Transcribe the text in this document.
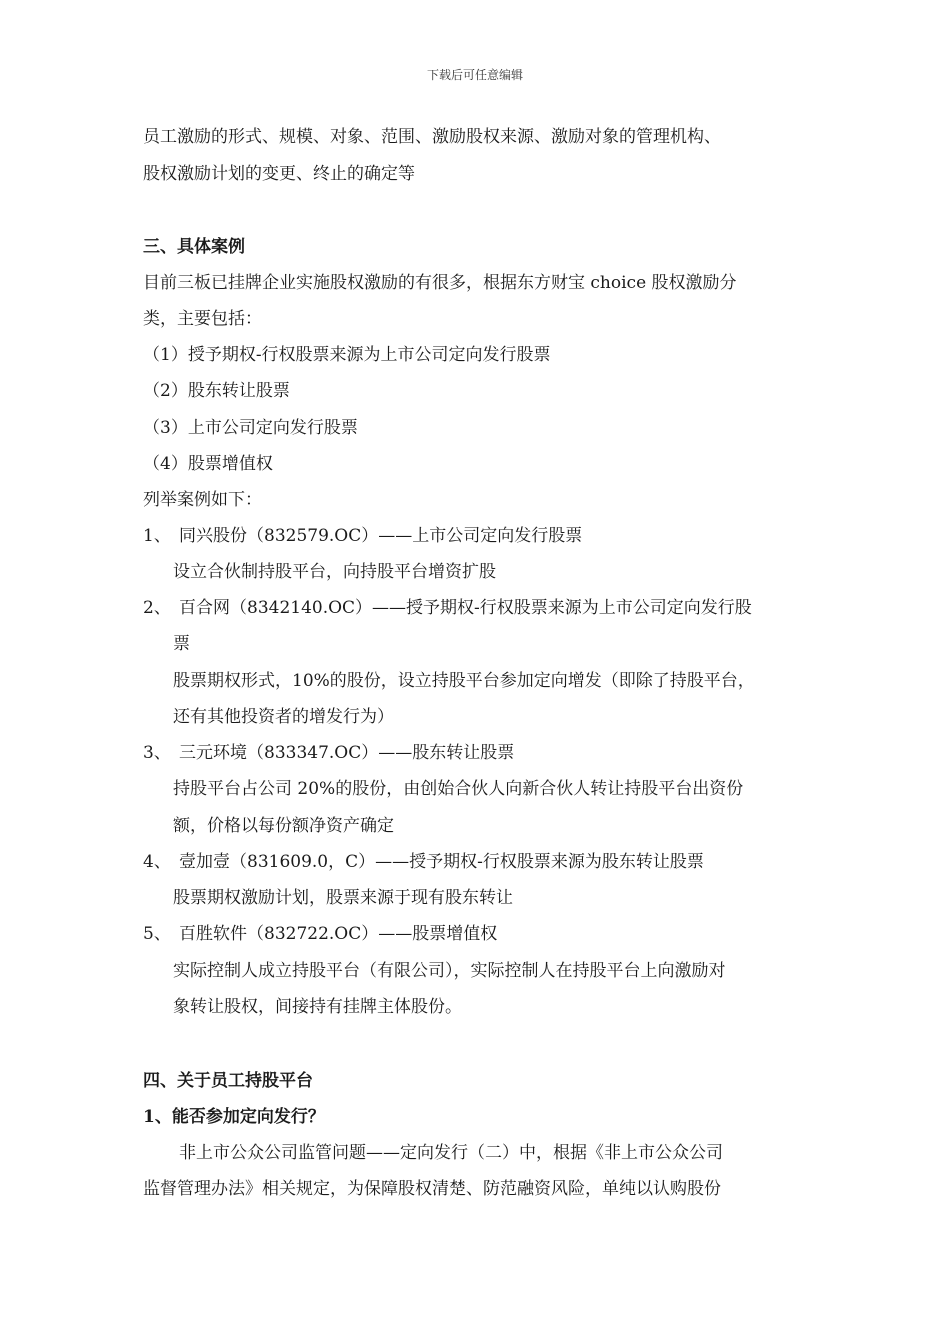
下载后可任意编辑
员工激励的形式、规模、对象、范围、激励股权来源、激励对象的管理机构、
股权激励计划的变更、终止的确定等
三、具体案例
目前三板已挂牌企业实施股权激励的有很多，根据东方财宝 choice 股权激励分
类，主要包括：
（1）授予期权-行权股票来源为上市公司定向发行股票
（2）股东转让股票
（3）上市公司定向发行股票
（4）股票增值权
列举案例如下：
1、 同兴股份（832579.OC）——上市公司定向发行股票
设立合伙制持股平台，向持股平台增资扩股
2、 百合网（8342140.OC）——授予期权-行权股票来源为上市公司定向发行股
票
股票期权形式，10%的股份，设立持股平台参加定向增发（即除了持股平台，
还有其他投资者的增发行为）
3、 三元环境（833347.OC）——股东转让股票
持股平台占公司 20%的股份，由创始合伙人向新合伙人转让持股平台出资份
额，价格以每份额净资产确定
4、 壹加壹（831609.0，C）——授予期权-行权股票来源为股东转让股票
股票期权激励计划，股票来源于现有股东转让
5、 百胜软件（832722.OC）——股票增值权
实际控制人成立持股平台（有限公司），实际控制人在持股平台上向激励对
象转让股权，间接持有挂牌主体股份。
四、关于员工持股平台
1、能否参加定向发行？
非上市公众公司监管问题——定向发行（二）中，根据《非上市公众公司
监督管理办法》相关规定，为保障股权清楚、防范融资风险，单纯以认购股份
